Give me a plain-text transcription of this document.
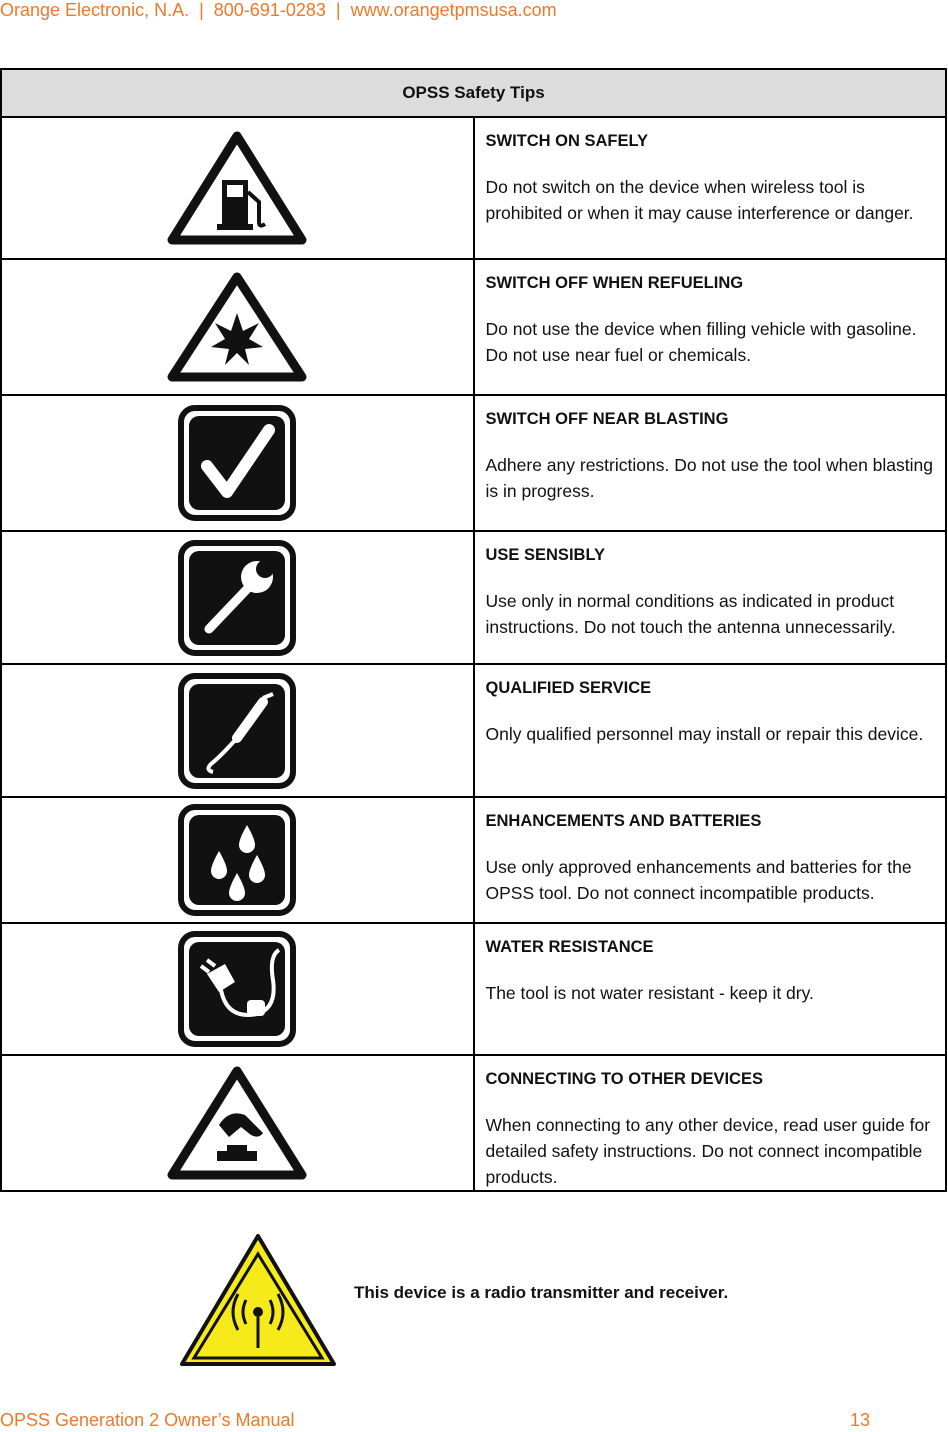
Orange Electronic, N.A. | 800-691-0283 | www.orangetpmsusa.com
OPSS Safety Tips	

SWITCH ON SAFELY
Do not switch on the device when wireless tool is prohibited or when it may cause interference or danger.

SWITCH OFF WHEN REFUELING
Do not use the device when filling vehicle with gasoline. Do not use near fuel or chemicals.

SWITCH OFF NEAR BLASTING
Adhere any restrictions. Do not use the tool when blasting is in progress.

USE SENSIBLY
Use only in normal conditions as indicated in product instructions. Do not touch the antenna unnecessarily.

QUALIFIED SERVICE
Only qualified personnel may install or repair this device.

ENHANCEMENTS AND BATTERIES
Use only approved enhancements and batteries for the OPSS tool. Do not connect incompatible products.

WATER RESISTANCE
The tool is not water resistant - keep it dry.

CONNECTING TO OTHER DEVICES
When connecting to any other device, read user guide for detailed safety instructions. Do not connect incompatible products.
This device is a radio transmitter and receiver.
OPSS Generation 2 Owner’s Manual	13
